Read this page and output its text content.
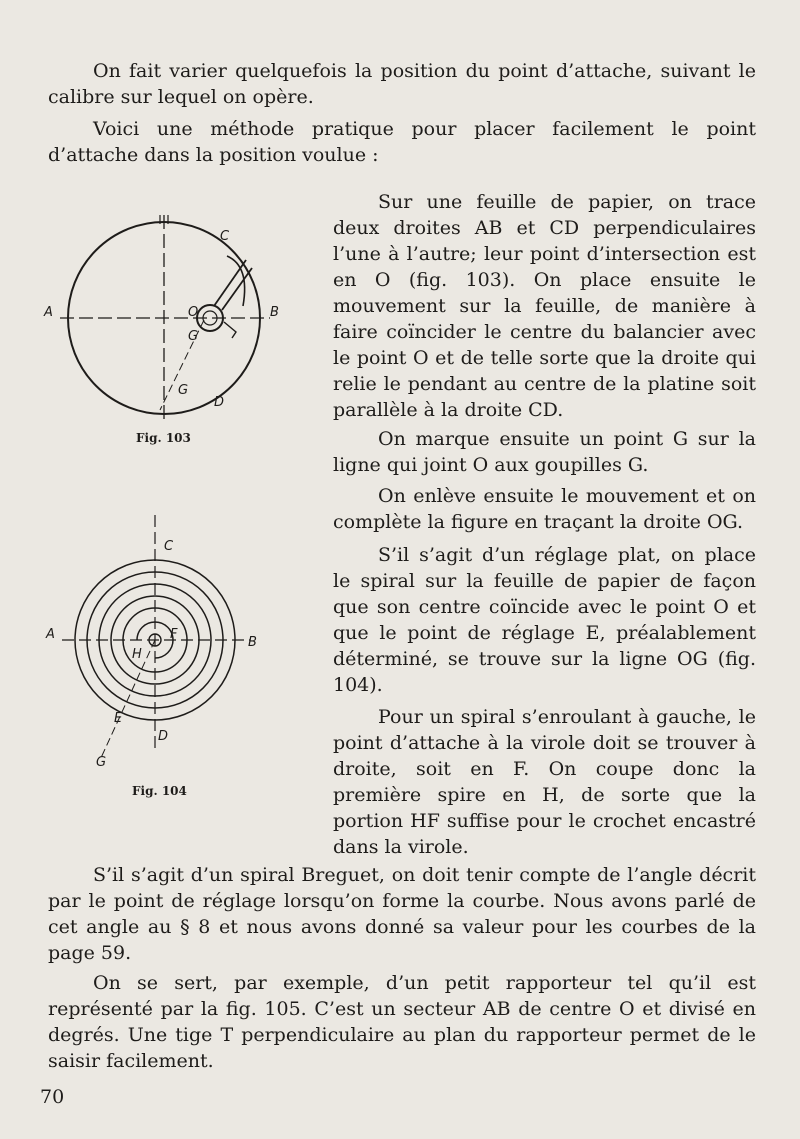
On fait varier quelquefois la position du point d’attache, suivant le calibre sur lequel on opère.

Voici une méthode pratique pour placer facilement le point d’attache dans la position voulue :

A	B
C
D
O
G
G

Fig. 103

A
B
C
D
F
H
E
G

Fig. 104

Sur une feuille de papier, on trace deux droites AB et CD perpendiculaires l’une à l’autre; leur point d’intersection est en O (fig. 103). On place ensuite le mouvement sur la feuille, de manière à faire coïncider le centre du balancier avec le point O et de telle sorte que la droite qui relie le pendant au centre de la platine soit parallèle à la droite CD.

On marque ensuite un point G sur la ligne qui joint O aux goupilles G.

On enlève ensuite le mouvement et on complète la figure en traçant la droite OG.

S’il s’agit d’un réglage plat, on place le spiral sur la feuille de papier de façon que son centre coïncide avec le point O et que le point de réglage E, préalablement déterminé, se trouve sur la ligne OG (fig. 104).

Pour un spiral s’enroulant à gauche, le point d’attache à la virole doit se trouver à droite, soit en F. On coupe donc la première spire en H, de sorte que la portion HF suffise pour le crochet encastré dans la virole.

S’il s’agit d’un spiral Breguet, on doit tenir compte de l’angle décrit par le point de réglage lorsqu’on forme la courbe. Nous avons parlé de cet angle au § 8 et nous avons donné sa valeur pour les courbes de la page 59.

On se sert, par exemple, d’un petit rapporteur tel qu’il est représenté par la fig. 105. C’est un secteur AB de centre O et divisé en degrés. Une tige T perpendiculaire au plan du rapporteur permet de le saisir facilement.

70
